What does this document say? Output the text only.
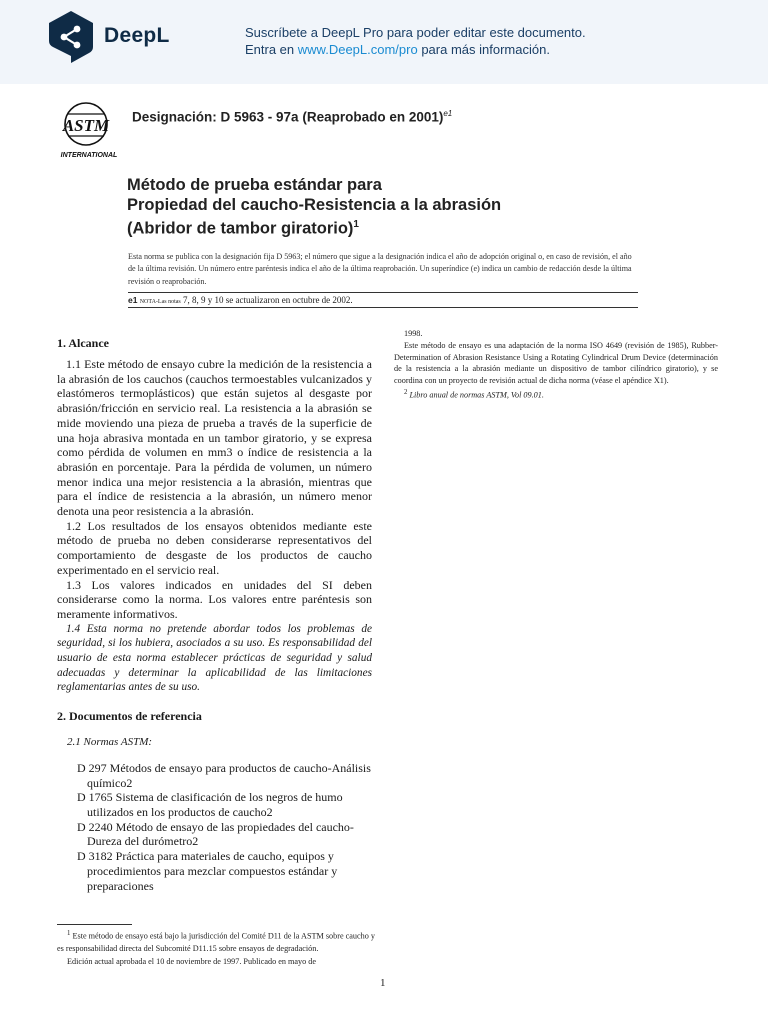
DeepL	Suscríbete a DeepL Pro para poder editar este documento.
Entra en www.DeepL.com/pro para más información.
ASTM
INTERNATIONAL
Designación: D 5963 - 97a (Reaprobado en 2001)$^{e1}$
Método de prueba estándar para
Propiedad del caucho-Resistencia a la abrasión
(Abridor de tambor giratorio)$^1$
Esta norma se publica con la designación fija D 5963; el número que sigue a la designación indica el año de adopción original o, en caso de revisión, el año de la última revisión. Un número entre paréntesis indica el año de la última reaprobación. Un superíndice (e) indica un cambio de redacción desde la última revisión o reaprobación.
e1 NOTA-Las notas 7, 8, 9 y 10 se actualizaron en octubre de 2002.
1. Alcance

1.1 Este método de ensayo cubre la medición de la resistencia a la abrasión de los cauchos (cauchos termoestables vulcanizados y elastómeros termoplásticos) que están sujetos al desgaste por abrasión/fricción en servicio real. La resistencia a la abrasión se mide moviendo una pieza de prueba a través de la superficie de una hoja abrasiva montada en un tambor giratorio, y se expresa como pérdida de volumen en mm3 o índice de resistencia a la abrasión en porcentaje. Para la pérdida de volumen, un número menor indica una mejor resistencia a la abrasión, mientras que para el índice de resistencia a la abrasión, un número menor denota una peor resistencia a la abrasión.

1.2 Los resultados de los ensayos obtenidos mediante este método de prueba no deben considerarse representativos del comportamiento de desgaste de los productos de caucho experimentado en el servicio real.

1.3 Los valores indicados en unidades del SI deben considerarse como la norma. Los valores entre paréntesis son meramente informativos.

1.4 Esta norma no pretende abordar todos los problemas de seguridad, si los hubiera, asociados a su uso. Es responsabilidad del usuario de esta norma establecer prácticas de seguridad y salud adecuadas y determinar la aplicabilidad de las limitaciones reglamentarias antes de su uso.

2. Documentos de referencia

2.1 Normas ASTM:

D 297 Métodos de ensayo para productos de caucho-Análisis químico2

D 1765 Sistema de clasificación de los negros de humo utilizados en los productos de caucho2

D 2240 Método de ensayo de las propiedades del caucho-Dureza del durómetro2

D 3182 Práctica para materiales de caucho, equipos y procedimientos para mezclar compuestos estándar y preparaciones

$^1$ Este método de ensayo está bajo la jurisdicción del Comité D11 de la ASTM sobre caucho y es responsabilidad directa del Subcomité D11.15 sobre ensayos de degradación.

Edición actual aprobada el 10 de noviembre de 1997. Publicado en mayo de

1998.

Este método de ensayo es una adaptación de la norma ISO 4649 (revisión de 1985), Rubber-Determination of Abrasion Resistance Using a Rotating Cylindrical Drum Device (determinación de la resistencia a la abrasión mediante un dispositivo de tambor cilíndrico giratorio), y se coordina con un proyecto de revisión actual de dicha norma (véase el apéndice X1).

$^2$ Libro anual de normas ASTM, Vol 09.01.

1
